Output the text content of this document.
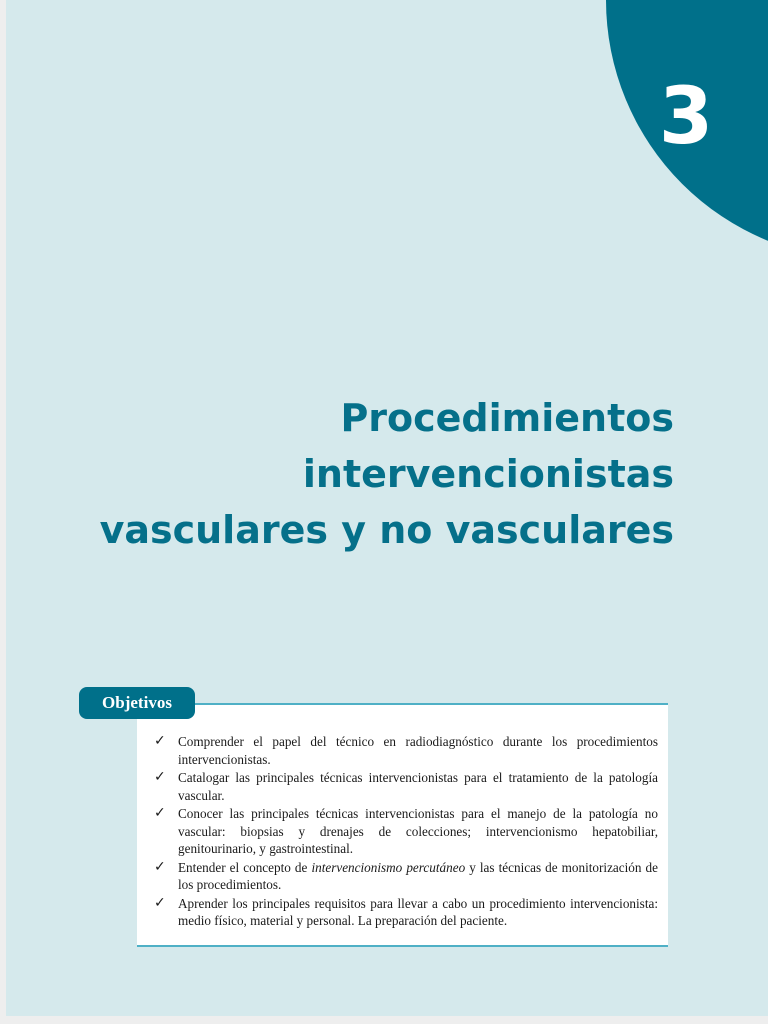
3
Procedimientos
intervencionistas
vasculares y no vasculares
Objetivos
✓ Comprender el papel del técnico en radiodiagnóstico durante los procedimientos intervencionistas.
✓ Catalogar las principales técnicas intervencionistas para el tratamiento de la patología vascular.
✓ Conocer las principales técnicas intervencionistas para el manejo de la patología no vascular: biopsias y drenajes de colecciones; intervencionismo hepatobiliar, genitourinario, y gastrointestinal.
✓ Entender el concepto de intervencionismo percutáneo y las técnicas de monitorización de los procedimientos.
✓ Aprender los principales requisitos para llevar a cabo un procedimiento intervencionista: medio físico, material y personal. La preparación del paciente.
